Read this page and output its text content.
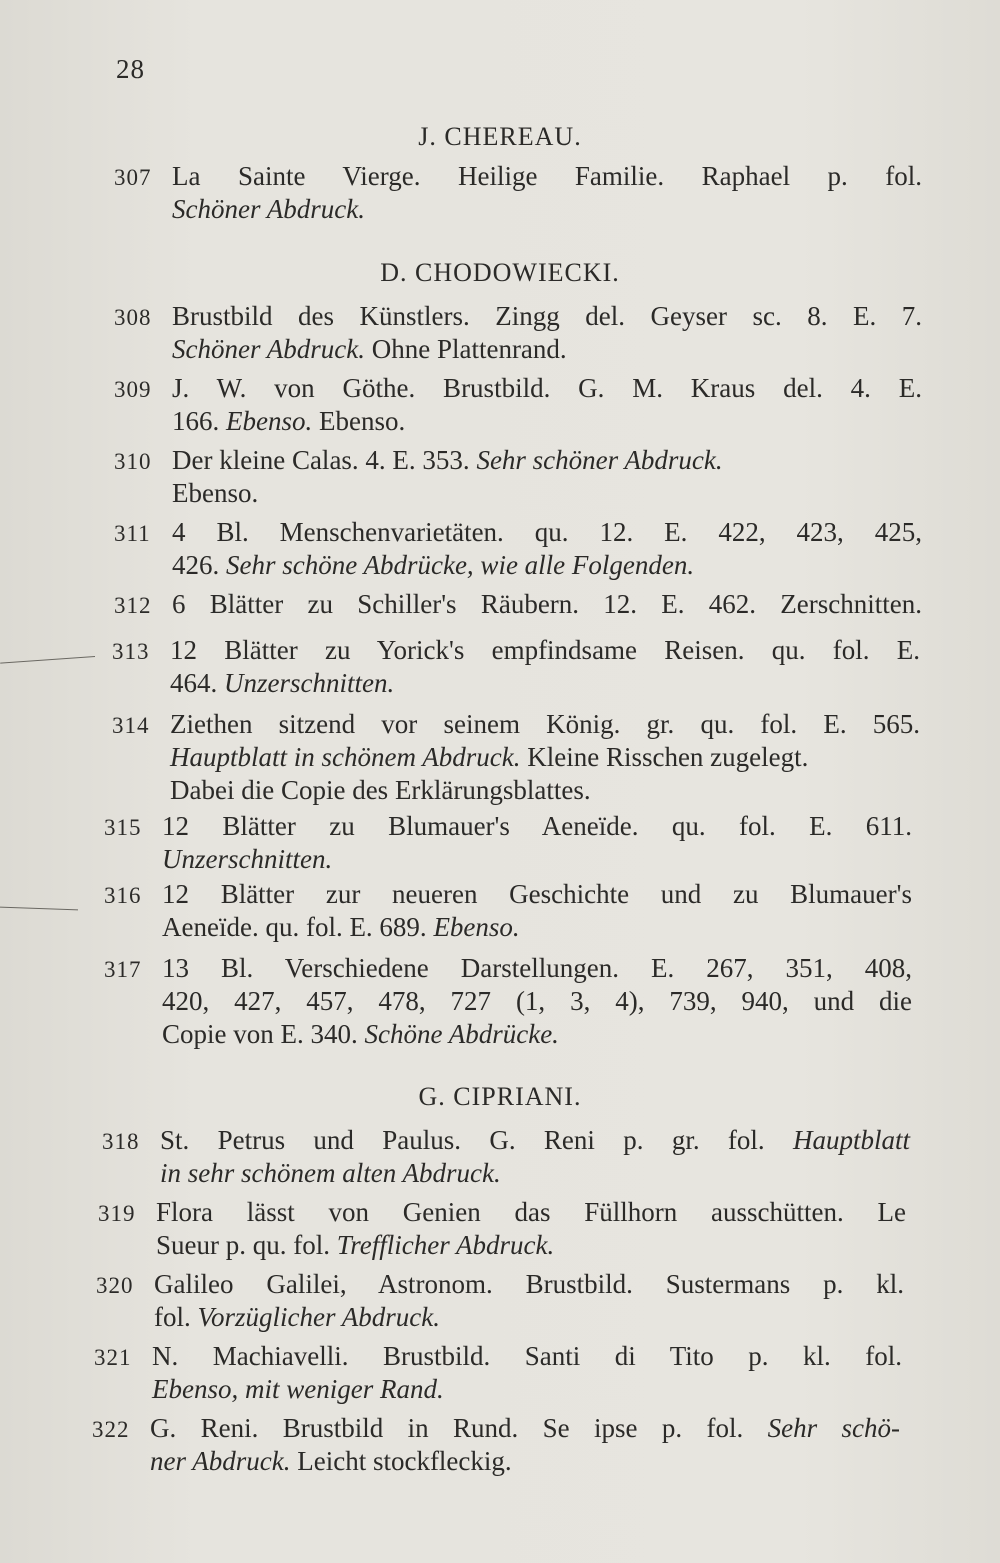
28
J. CHEREAU.
307 La Sainte Vierge. Heilige Familie. Raphael p. fol.
Schöner Abdruck.
D. CHODOWIECKI.
308 Brustbild des Künstlers. Zingg del. Geyser sc. 8. E. 7.
Schöner Abdruck. Ohne Plattenrand.
309 J. W. von Göthe. Brustbild. G. M. Kraus del. 4. E.
166. Ebenso. Ebenso.
310 Der kleine Calas. 4. E. 353. Sehr schöner Abdruck.
Ebenso.
311 4 Bl. Menschenvarietäten. qu. 12. E. 422, 423, 425,
426. Sehr schöne Abdrücke, wie alle Folgenden.
312 6 Blätter zu Schiller's Räubern. 12. E. 462. Zerschnitten.
313 12 Blätter zu Yorick's empfindsame Reisen. qu. fol. E.
464. Unzerschnitten.
314 Ziethen sitzend vor seinem König. gr. qu. fol. E. 565.
Hauptblatt in schönem Abdruck. Kleine Risschen zugelegt.
Dabei die Copie des Erklärungsblattes.
315 12 Blätter zu Blumauer's Aeneïde. qu. fol. E. 611.
Unzerschnitten.
316 12 Blätter zur neueren Geschichte und zu Blumauer's
Aeneïde. qu. fol. E. 689. Ebenso.
317 13 Bl. Verschiedene Darstellungen. E. 267, 351, 408,
420, 427, 457, 478, 727 (1, 3, 4), 739, 940, und die
Copie von E. 340. Schöne Abdrücke.
G. CIPRIANI.
318 St. Petrus und Paulus. G. Reni p. gr. fol. Hauptblatt
in sehr schönem alten Abdruck.
319 Flora lässt von Genien das Füllhorn ausschütten. Le
Sueur p. qu. fol. Trefflicher Abdruck.
320 Galileo Galilei, Astronom. Brustbild. Sustermans p. kl.
fol. Vorzüglicher Abdruck.
321 N. Machiavelli. Brustbild. Santi di Tito p. kl. fol.
Ebenso, mit weniger Rand.
322 G. Reni. Brustbild in Rund. Se ipse p. fol. Sehr schö-
ner Abdruck. Leicht stockfleckig.
